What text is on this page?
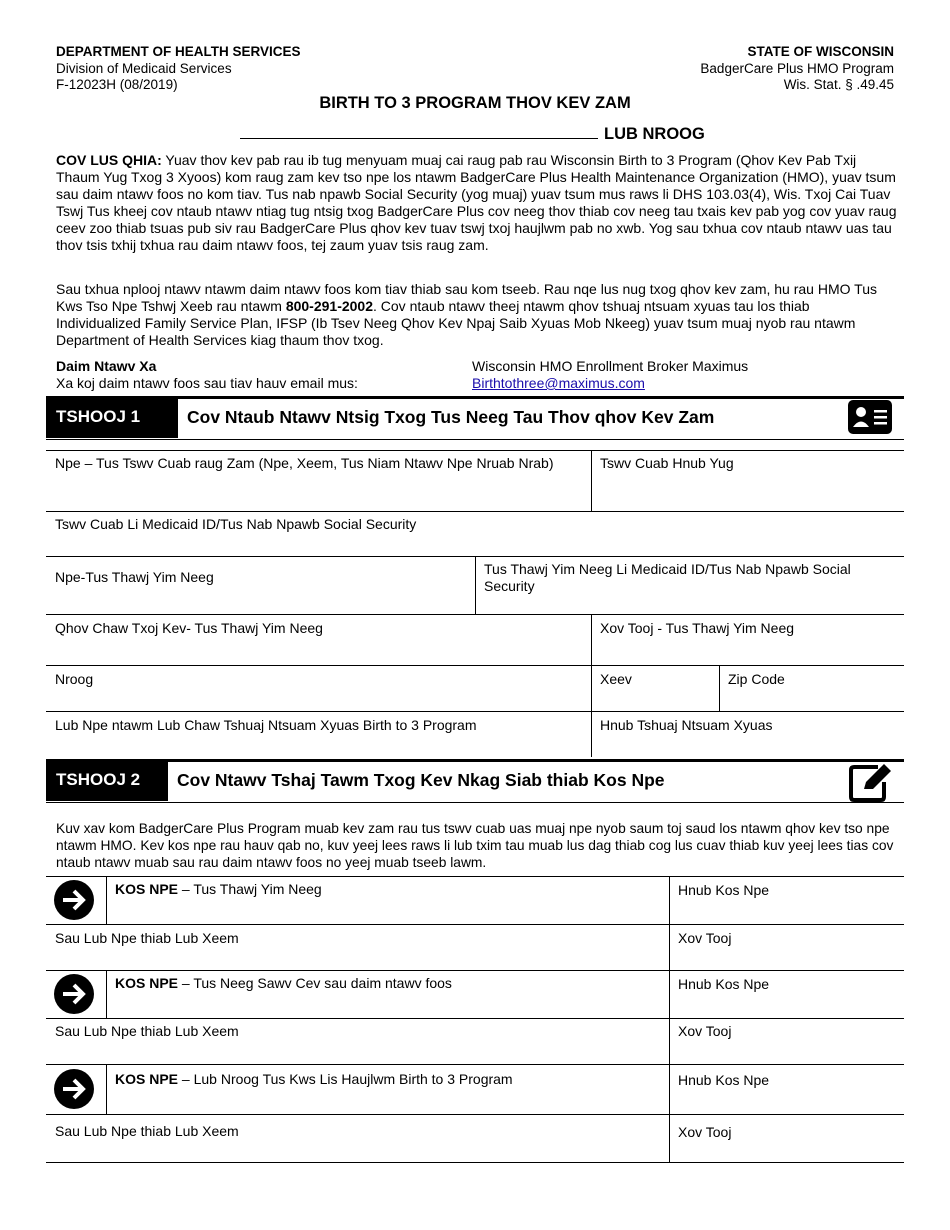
DEPARTMENT OF HEALTH SERVICES
Division of Medicaid Services
F-12023H (08/2019)
STATE OF WISCONSIN
BadgerCare Plus HMO Program
Wis. Stat. § .49.45
BIRTH TO 3 PROGRAM THOV KEV ZAM
LUB NROOG
COV LUS QHIA: Yuav thov kev pab rau ib tug menyuam muaj cai raug pab rau Wisconsin Birth to 3 Program (Qhov Kev Pab Txij Thaum Yug Txog 3 Xyoos) kom raug zam kev tso npe los ntawm BadgerCare Plus Health Maintenance Organization (HMO), yuav tsum sau daim ntawv foos no kom tiav. Tus nab npawb Social Security (yog muaj) yuav tsum mus raws li DHS 103.03(4), Wis. Txoj Cai Tuav Tswj Tus kheej cov ntaub ntawv ntiag tug ntsig txog BadgerCare Plus cov neeg thov thiab cov neeg tau txais kev pab yog cov yuav raug ceev zoo thiab tsuas pub siv rau BadgerCare Plus qhov kev tuav tswj txoj haujlwm pab no xwb. Yog sau txhua cov ntaub ntawv uas tau thov tsis txhij txhua rau daim ntawv foos, tej zaum yuav tsis raug zam.
Sau txhua nplooj ntawv ntawm daim ntawv foos kom tiav thiab sau kom tseeb. Rau nqe lus nug txog qhov kev zam, hu rau HMO Tus Kws Tso Npe Tshwj Xeeb rau ntawm 800-291-2002. Cov ntaub ntawv theej ntawm qhov tshuaj ntsuam xyuas tau los thiab Individualized Family Service Plan, IFSP (Ib Tsev Neeg Qhov Kev Npaj Saib Xyuas Mob Nkeeg) yuav tsum muaj nyob rau ntawm Department of Health Services kiag thaum thov txog.
Daim Ntawv Xa
Xa koj daim ntawv foos sau tiav hauv email mus:
Wisconsin HMO Enrollment Broker Maximus
Birthtothree@maximus.com
TSHOOJ 1	Cov Ntaub Ntawv Ntsig Txog Tus Neeg Tau Thov qhov Kev Zam
Npe – Tus Tswv Cuab raug Zam (Npe, Xeem, Tus Niam Ntawv Npe Nruab Nrab)	Tswv Cuab Hnub Yug
Tswv Cuab Li Medicaid ID/Tus Nab Npawb Social Security
Npe-Tus Thawj Yim Neeg	Tus Thawj Yim Neeg Li Medicaid ID/Tus Nab Npawb Social Security
Qhov Chaw Txoj Kev- Tus Thawj Yim Neeg	Xov Tooj - Tus Thawj Yim Neeg
Nroog	Xeev	Zip Code
Lub Npe ntawm Lub Chaw Tshuaj Ntsuam Xyuas Birth to 3 Program	Hnub Tshuaj Ntsuam Xyuas
TSHOOJ 2	Cov Ntawv Tshaj Tawm Txog Kev Nkag Siab thiab Kos Npe
Kuv xav kom BadgerCare Plus Program muab kev zam rau tus tswv cuab uas muaj npe nyob saum toj saud los ntawm qhov kev tso npe ntawm HMO. Kev kos npe rau hauv qab no, kuv yeej lees raws li lub txim tau muab lus dag thiab cog lus cuav thiab kuv yeej lees tias cov ntaub ntawv muab sau rau daim ntawv foos no yeej muab tseeb lawm.
KOS NPE – Tus Thawj Yim Neeg	Hnub Kos Npe
Sau Lub Npe thiab Lub Xeem	Xov Tooj
KOS NPE – Tus Neeg Sawv Cev sau daim ntawv foos	Hnub Kos Npe
Sau Lub Npe thiab Lub Xeem	Xov Tooj
KOS NPE – Lub Nroog Tus Kws Lis Haujlwm Birth to 3 Program	Hnub Kos Npe
Sau Lub Npe thiab Lub Xeem	Xov Tooj
